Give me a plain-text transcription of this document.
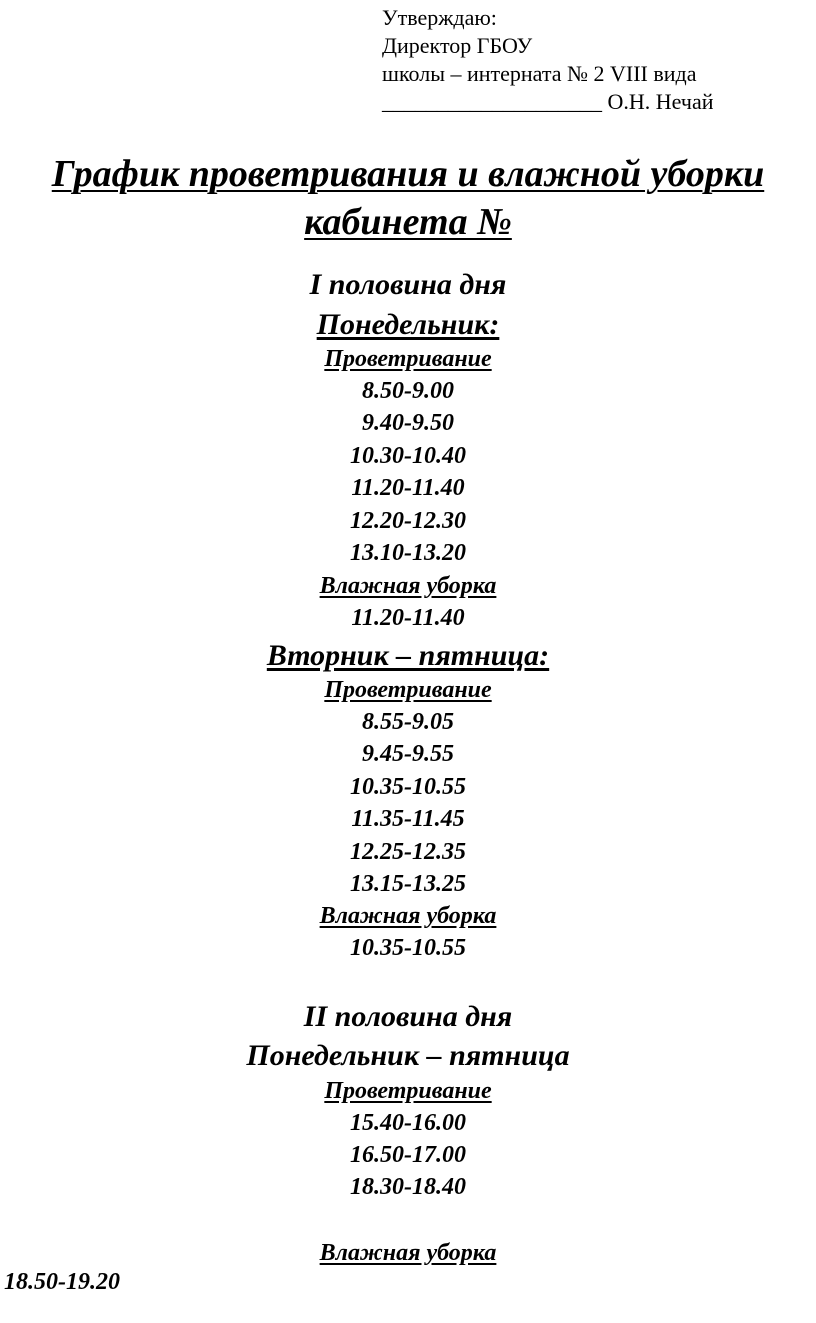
Утверждаю:
Директор ГБОУ
школы – интерната № 2 VIII вида
____________________ О.Н. Нечай
График проветривания и влажной уборки
кабинета №
I половина дня
Понедельник:
Проветривание
8.50-9.00
9.40-9.50
10.30-10.40
11.20-11.40
12.20-12.30
13.10-13.20
Влажная уборка
11.20-11.40
Вторник – пятница:
Проветривание
8.55-9.05
9.45-9.55
10.35-10.55
11.35-11.45
12.25-12.35
13.15-13.25
Влажная уборка
10.35-10.55
II половина дня
Понедельник – пятница
Проветривание
15.40-16.00
16.50-17.00
18.30-18.40
Влажная уборка
18.50-19.20
